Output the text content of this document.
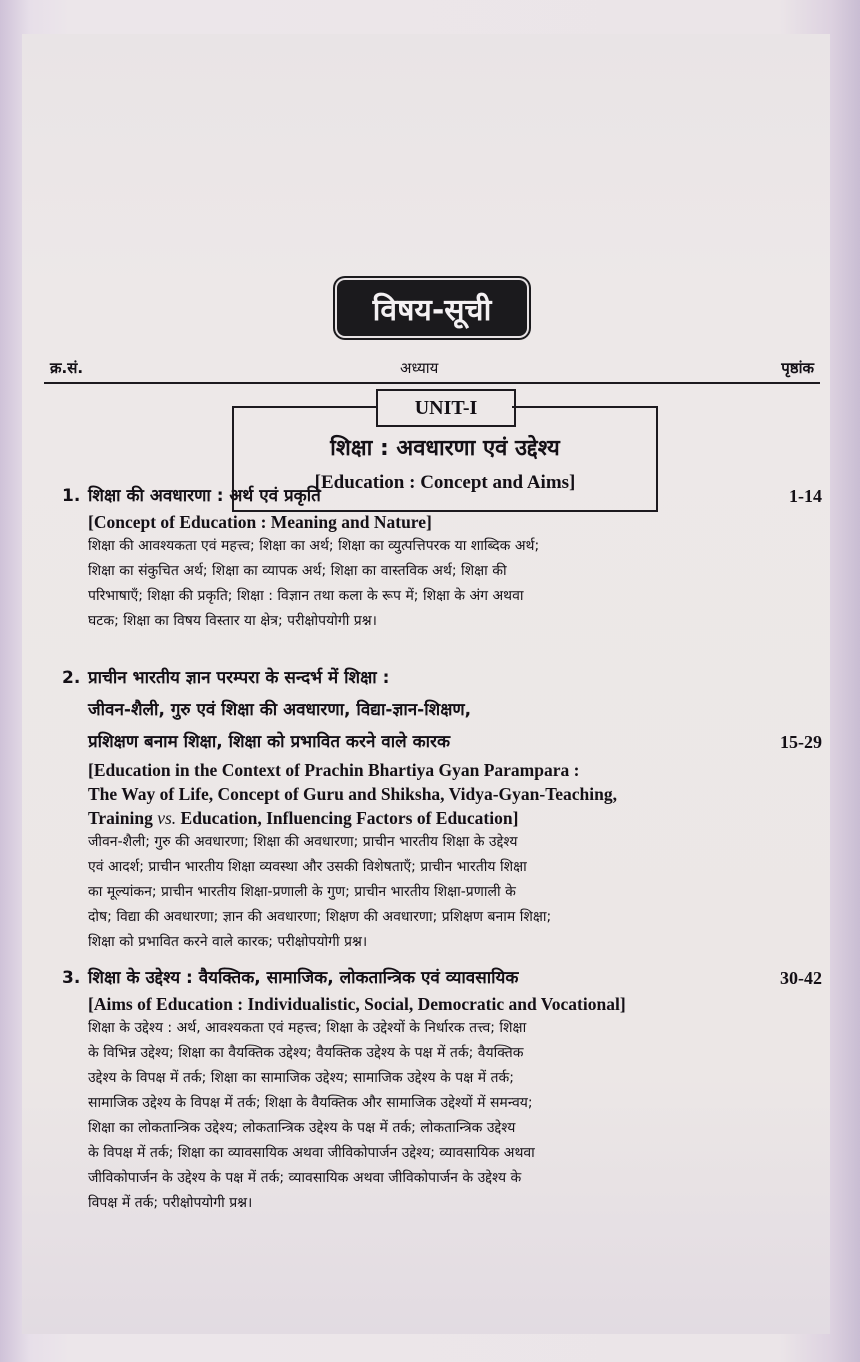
विषय-सूची
क्र.सं.	अध्याय	पृष्ठांक
UNIT-I
शिक्षा : अवधारणा एवं उद्देश्य
[Education : Concept and Aims]
1. शिक्षा की अवधारणा : अर्थ एवं प्रकृति	1-14
[Concept of Education : Meaning and Nature]
शिक्षा की आवश्यकता एवं महत्त्व; शिक्षा का अर्थ; शिक्षा का व्युत्पत्तिपरक या शाब्दिक अर्थ;
शिक्षा का संकुचित अर्थ; शिक्षा का व्यापक अर्थ; शिक्षा का वास्तविक अर्थ; शिक्षा की
परिभाषाएँ; शिक्षा की प्रकृति; शिक्षा : विज्ञान तथा कला के रूप में; शिक्षा के अंग अथवा
घटक; शिक्षा का विषय विस्तार या क्षेत्र; परीक्षोपयोगी प्रश्न।
2. प्राचीन भारतीय ज्ञान परम्परा के सन्दर्भ में शिक्षा :
जीवन-शैली, गुरु एवं शिक्षा की अवधारणा, विद्या-ज्ञान-शिक्षण,
प्रशिक्षण बनाम शिक्षा, शिक्षा को प्रभावित करने वाले कारक	15-29
[Education in the Context of Prachin Bhartiya Gyan Parampara :
The Way of Life, Concept of Guru and Shiksha, Vidya-Gyan-Teaching,
Training vs. Education, Influencing Factors of Education]
जीवन-शैली; गुरु की अवधारणा; शिक्षा की अवधारणा; प्राचीन भारतीय शिक्षा के उद्देश्य
एवं आदर्श; प्राचीन भारतीय शिक्षा व्यवस्था और उसकी विशेषताएँ; प्राचीन भारतीय शिक्षा
का मूल्यांकन; प्राचीन भारतीय शिक्षा-प्रणाली के गुण; प्राचीन भारतीय शिक्षा-प्रणाली के
दोष; विद्या की अवधारणा; ज्ञान की अवधारणा; शिक्षण की अवधारणा; प्रशिक्षण बनाम शिक्षा;
शिक्षा को प्रभावित करने वाले कारक; परीक्षोपयोगी प्रश्न।
3. शिक्षा के उद्देश्य : वैयक्तिक, सामाजिक, लोकतान्त्रिक एवं व्यावसायिक	30-42
[Aims of Education : Individualistic, Social, Democratic and Vocational]
शिक्षा के उद्देश्य : अर्थ, आवश्यकता एवं महत्त्व; शिक्षा के उद्देश्यों के निर्धारक तत्त्व; शिक्षा
के विभिन्न उद्देश्य; शिक्षा का वैयक्तिक उद्देश्य; वैयक्तिक उद्देश्य के पक्ष में तर्क; वैयक्तिक
उद्देश्य के विपक्ष में तर्क; शिक्षा का सामाजिक उद्देश्य; सामाजिक उद्देश्य के पक्ष में तर्क;
सामाजिक उद्देश्य के विपक्ष में तर्क; शिक्षा के वैयक्तिक और सामाजिक उद्देश्यों में समन्वय;
शिक्षा का लोकतान्त्रिक उद्देश्य; लोकतान्त्रिक उद्देश्य के पक्ष में तर्क; लोकतान्त्रिक उद्देश्य
के विपक्ष में तर्क; शिक्षा का व्यावसायिक अथवा जीविकोपार्जन उद्देश्य; व्यावसायिक अथवा
जीविकोपार्जन के उद्देश्य के पक्ष में तर्क; व्यावसायिक अथवा जीविकोपार्जन के उद्देश्य के
विपक्ष में तर्क; परीक्षोपयोगी प्रश्न।
